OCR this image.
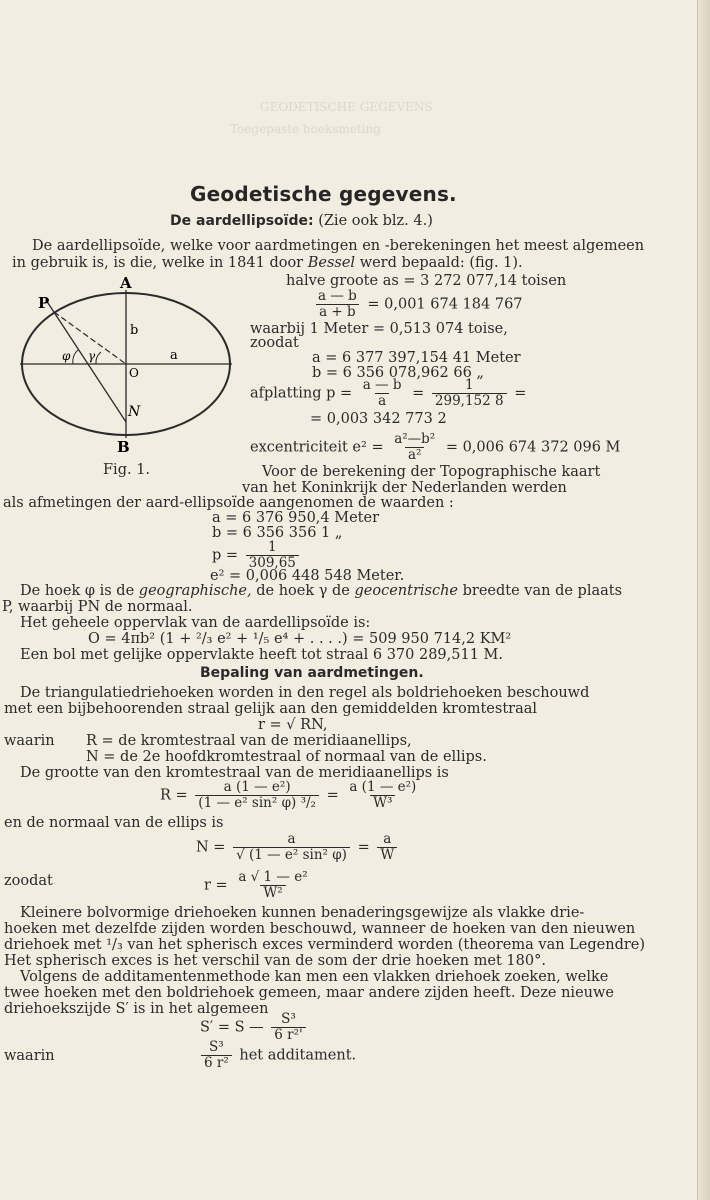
GEODETISCHE GEGEVENS
Toegepaste hoeksmeting
Geodetische gegevens.
De aardellipsoïde: (Zie ook blz. 4.)
De aardellipsoïde, welke voor aardmetingen en -berekeningen het meest algemeen
in gebruik is, is die, welke in 1841 door Bessel werd bepaald: (fig. 1).
halve groote as = 3 272 077,14 toisen
$\frac{a — b}{a + b} = 0,001$ 674 184 767
waarbij 1 Meter = 0,513 074 toise,
zoodat
a = 6 377 397,154 41 Meter
b = 6 356 078,962 66 „
afplatting $p = \frac{a — b}{a} = \frac{1}{299,152 8}$ =
= 0,003 342 773 2
excentriciteit $e^2 = \frac{\text{a²—b²}}{\text{a²}} = 0,006$ 674 372 096 M
A
B
P
N
O
a
b
φ γ
Fig. 1.	Voor de berekening der Topographische kaart
van het Koninkrijk der Nederlanden werden
als afmetingen der aard-ellipsoïde aangenomen de waarden :
a = 6 376 950,4 Meter
b = 6 356 356 1 „
$p = \frac{1}{309,65}$
e² = 0,006 448 548 Meter.
De hoek φ is de geographische, de hoek γ de geocentrische breedte van de plaats
P, waarbij PN de normaal.
Het geheele oppervlak van de aardellipsoïde is:
O = 4πb² (1 + ²/₃ e² + ¹/₅ e⁴ + . . . .) = 509 950 714,2 KM²
Een bol met gelijke oppervlakte heeft tot straal 6 370 289,511 M.
Bepaling van aardmetingen.
De triangulatiedriehoeken worden in den regel als boldriehoeken beschouwd
met een bijbehoorenden straal gelijk aan den gemiddelden kromtestraal
r = √ RN,
waarin R = de kromtestraal van de meridiaanellips,
N = de 2e hoofdkromtestraal of normaal van de ellips.
De grootte van den kromtestraal van de meridiaanellips is
$R = \frac{\text{a (1 — e²)}}{\text{(1 — e² sin² φ) ³/₂}} = \frac{\text{a (1 — e²)}}{\text{W³}}$
en de normaal van de ellips is
$N = \frac{a}{\text{√ (1 — e² sin² φ)}} = \frac{a}{W}$
zoodat	$r = \frac{\text{a √ 1 — e²}}{\text{W²}}$
Kleinere bolvormige driehoeken kunnen benaderingsgewijze als vlakke drie-
hoeken met dezelfde zijden worden beschouwd, wanneer de hoeken van den nieuwen
driehoek met ¹/₃ van het spherisch exces verminderd worden (theorema van Legendre)
Het spherisch exces is het verschil van de som der drie hoeken met 180°.
Volgens de additamentenmethode kan men een vlakken driehoek zoeken, welke
twee hoeken met den boldriehoek gemeen, maar andere zijden heeft. Deze nieuwe
driehoekszijde S′ is in het algemeen
S′ = S — $\frac{\text{S³}}{\text{6 r²'}}$
waarin	$\frac{\text{S³}}{\text{6 r²}}$ het additament.
